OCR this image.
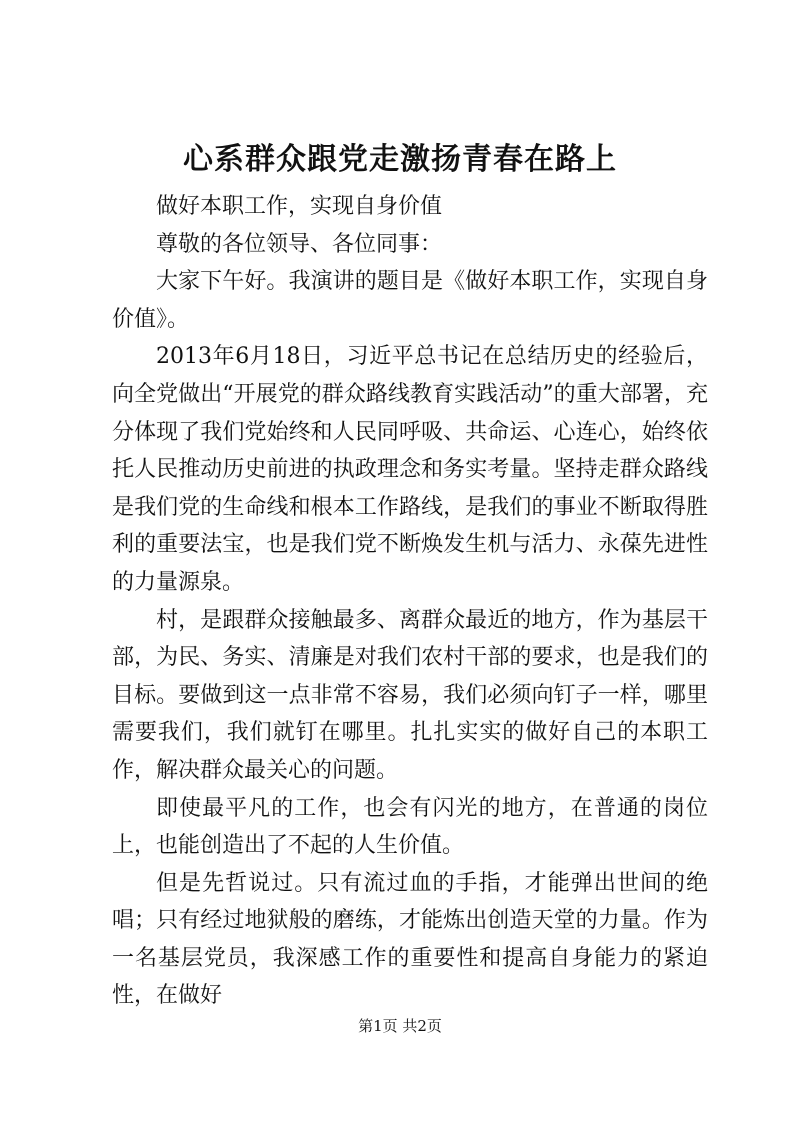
心系群众跟党走激扬青春在路上

做好本职工作，实现自身价值

尊敬的各位领导、各位同事：

大家下午好。我演讲的题目是《做好本职工作，实现自身价值》。

2013年6月18日，习近平总书记在总结历史的经验后，向全党做出“开展党的群众路线教育实践活动”的重大部署，充分体现了我们党始终和人民同呼吸、共命运、心连心，始终依托人民推动历史前进的执政理念和务实考量。坚持走群众路线是我们党的生命线和根本工作路线，是我们的事业不断取得胜利的重要法宝，也是我们党不断焕发生机与活力、永葆先进性的力量源泉。

村，是跟群众接触最多、离群众最近的地方，作为基层干部，为民、务实、清廉是对我们农村干部的要求，也是我们的目标。要做到这一点非常不容易，我们必须向钉子一样，哪里需要我们，我们就钉在哪里。扎扎实实的做好自己的本职工作，解决群众最关心的问题。

即使最平凡的工作，也会有闪光的地方，在普通的岗位上，也能创造出了不起的人生价值。

但是先哲说过。只有流过血的手指，才能弹出世间的绝唱；只有经过地狱般的磨练，才能炼出创造天堂的力量。作为一名基层党员，我深感工作的重要性和提高自身能力的紧迫性，在做好

第1页 共2页
